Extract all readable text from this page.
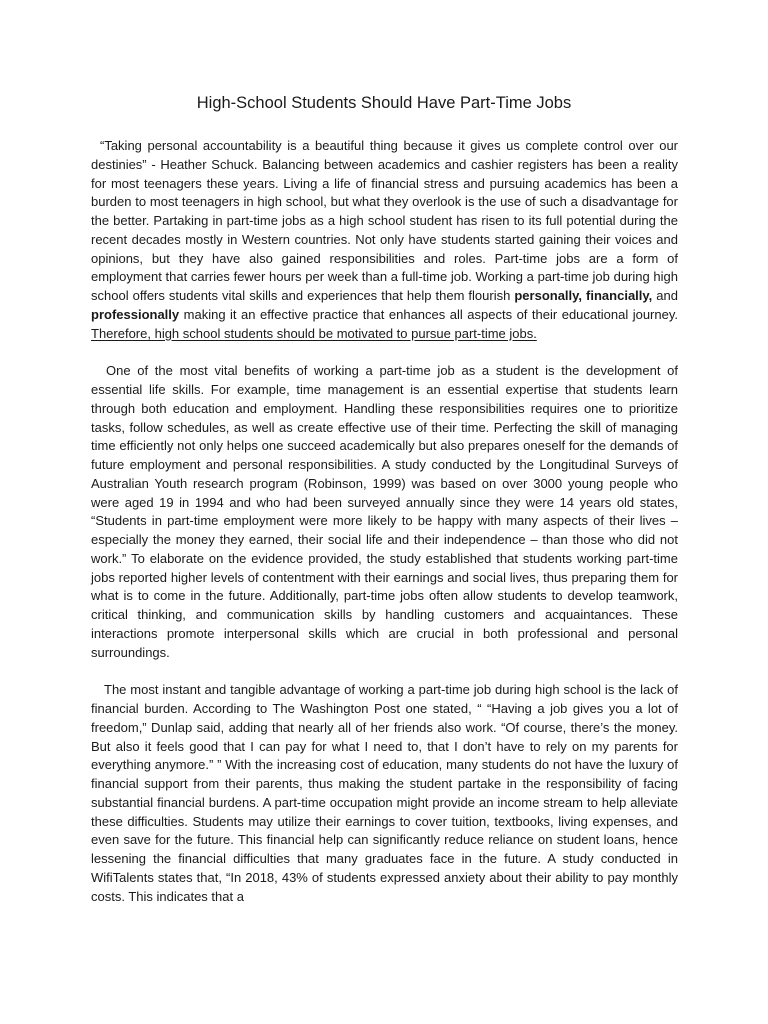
High-School Students Should Have Part-Time Jobs

“Taking personal accountability is a beautiful thing because it gives us complete control over our destinies” - Heather Schuck. Balancing between academics and cashier registers has been a reality for most teenagers these years. Living a life of financial stress and pursuing academics has been a burden to most teenagers in high school, but what they overlook is the use of such a disadvantage for the better. Partaking in part-time jobs as a high school student has risen to its full potential during the recent decades mostly in Western countries. Not only have students started gaining their voices and opinions, but they have also gained responsibilities and roles. Part-time jobs are a form of employment that carries fewer hours per week than a full-time job. Working a part-time job during high school offers students vital skills and experiences that help them flourish personally, financially, and professionally making it an effective practice that enhances all aspects of their educational journey. Therefore, high school students should be motivated to pursue part-time jobs.

One of the most vital benefits of working a part-time job as a student is the development of essential life skills. For example, time management is an essential expertise that students learn through both education and employment. Handling these responsibilities requires one to prioritize tasks, follow schedules, as well as create effective use of their time. Perfecting the skill of managing time efficiently not only helps one succeed academically but also prepares oneself for the demands of future employment and personal responsibilities. A study conducted by the Longitudinal Surveys of Australian Youth research program (Robinson, 1999) was based on over 3000 young people who were aged 19 in 1994 and who had been surveyed annually since they were 14 years old states, “Students in part-time employment were more likely to be happy with many aspects of their lives – especially the money they earned, their social life and their independence – than those who did not work.” To elaborate on the evidence provided, the study established that students working part-time jobs reported higher levels of contentment with their earnings and social lives, thus preparing them for what is to come in the future. Additionally, part-time jobs often allow students to develop teamwork, critical thinking, and communication skills by handling customers and acquaintances. These interactions promote interpersonal skills which are crucial in both professional and personal surroundings.

The most instant and tangible advantage of working a part-time job during high school is the lack of financial burden. According to The Washington Post one stated, “ “Having a job gives you a lot of freedom,” Dunlap said, adding that nearly all of her friends also work. “Of course, there’s the money. But also it feels good that I can pay for what I need to, that I don’t have to rely on my parents for everything anymore.” ” With the increasing cost of education, many students do not have the luxury of financial support from their parents, thus making the student partake in the responsibility of facing substantial financial burdens. A part-time occupation might provide an income stream to help alleviate these difficulties. Students may utilize their earnings to cover tuition, textbooks, living expenses, and even save for the future. This financial help can significantly reduce reliance on student loans, hence lessening the financial difficulties that many graduates face in the future. A study conducted in WifiTalents states that, “In 2018, 43% of students expressed anxiety about their ability to pay monthly costs. This indicates that a
